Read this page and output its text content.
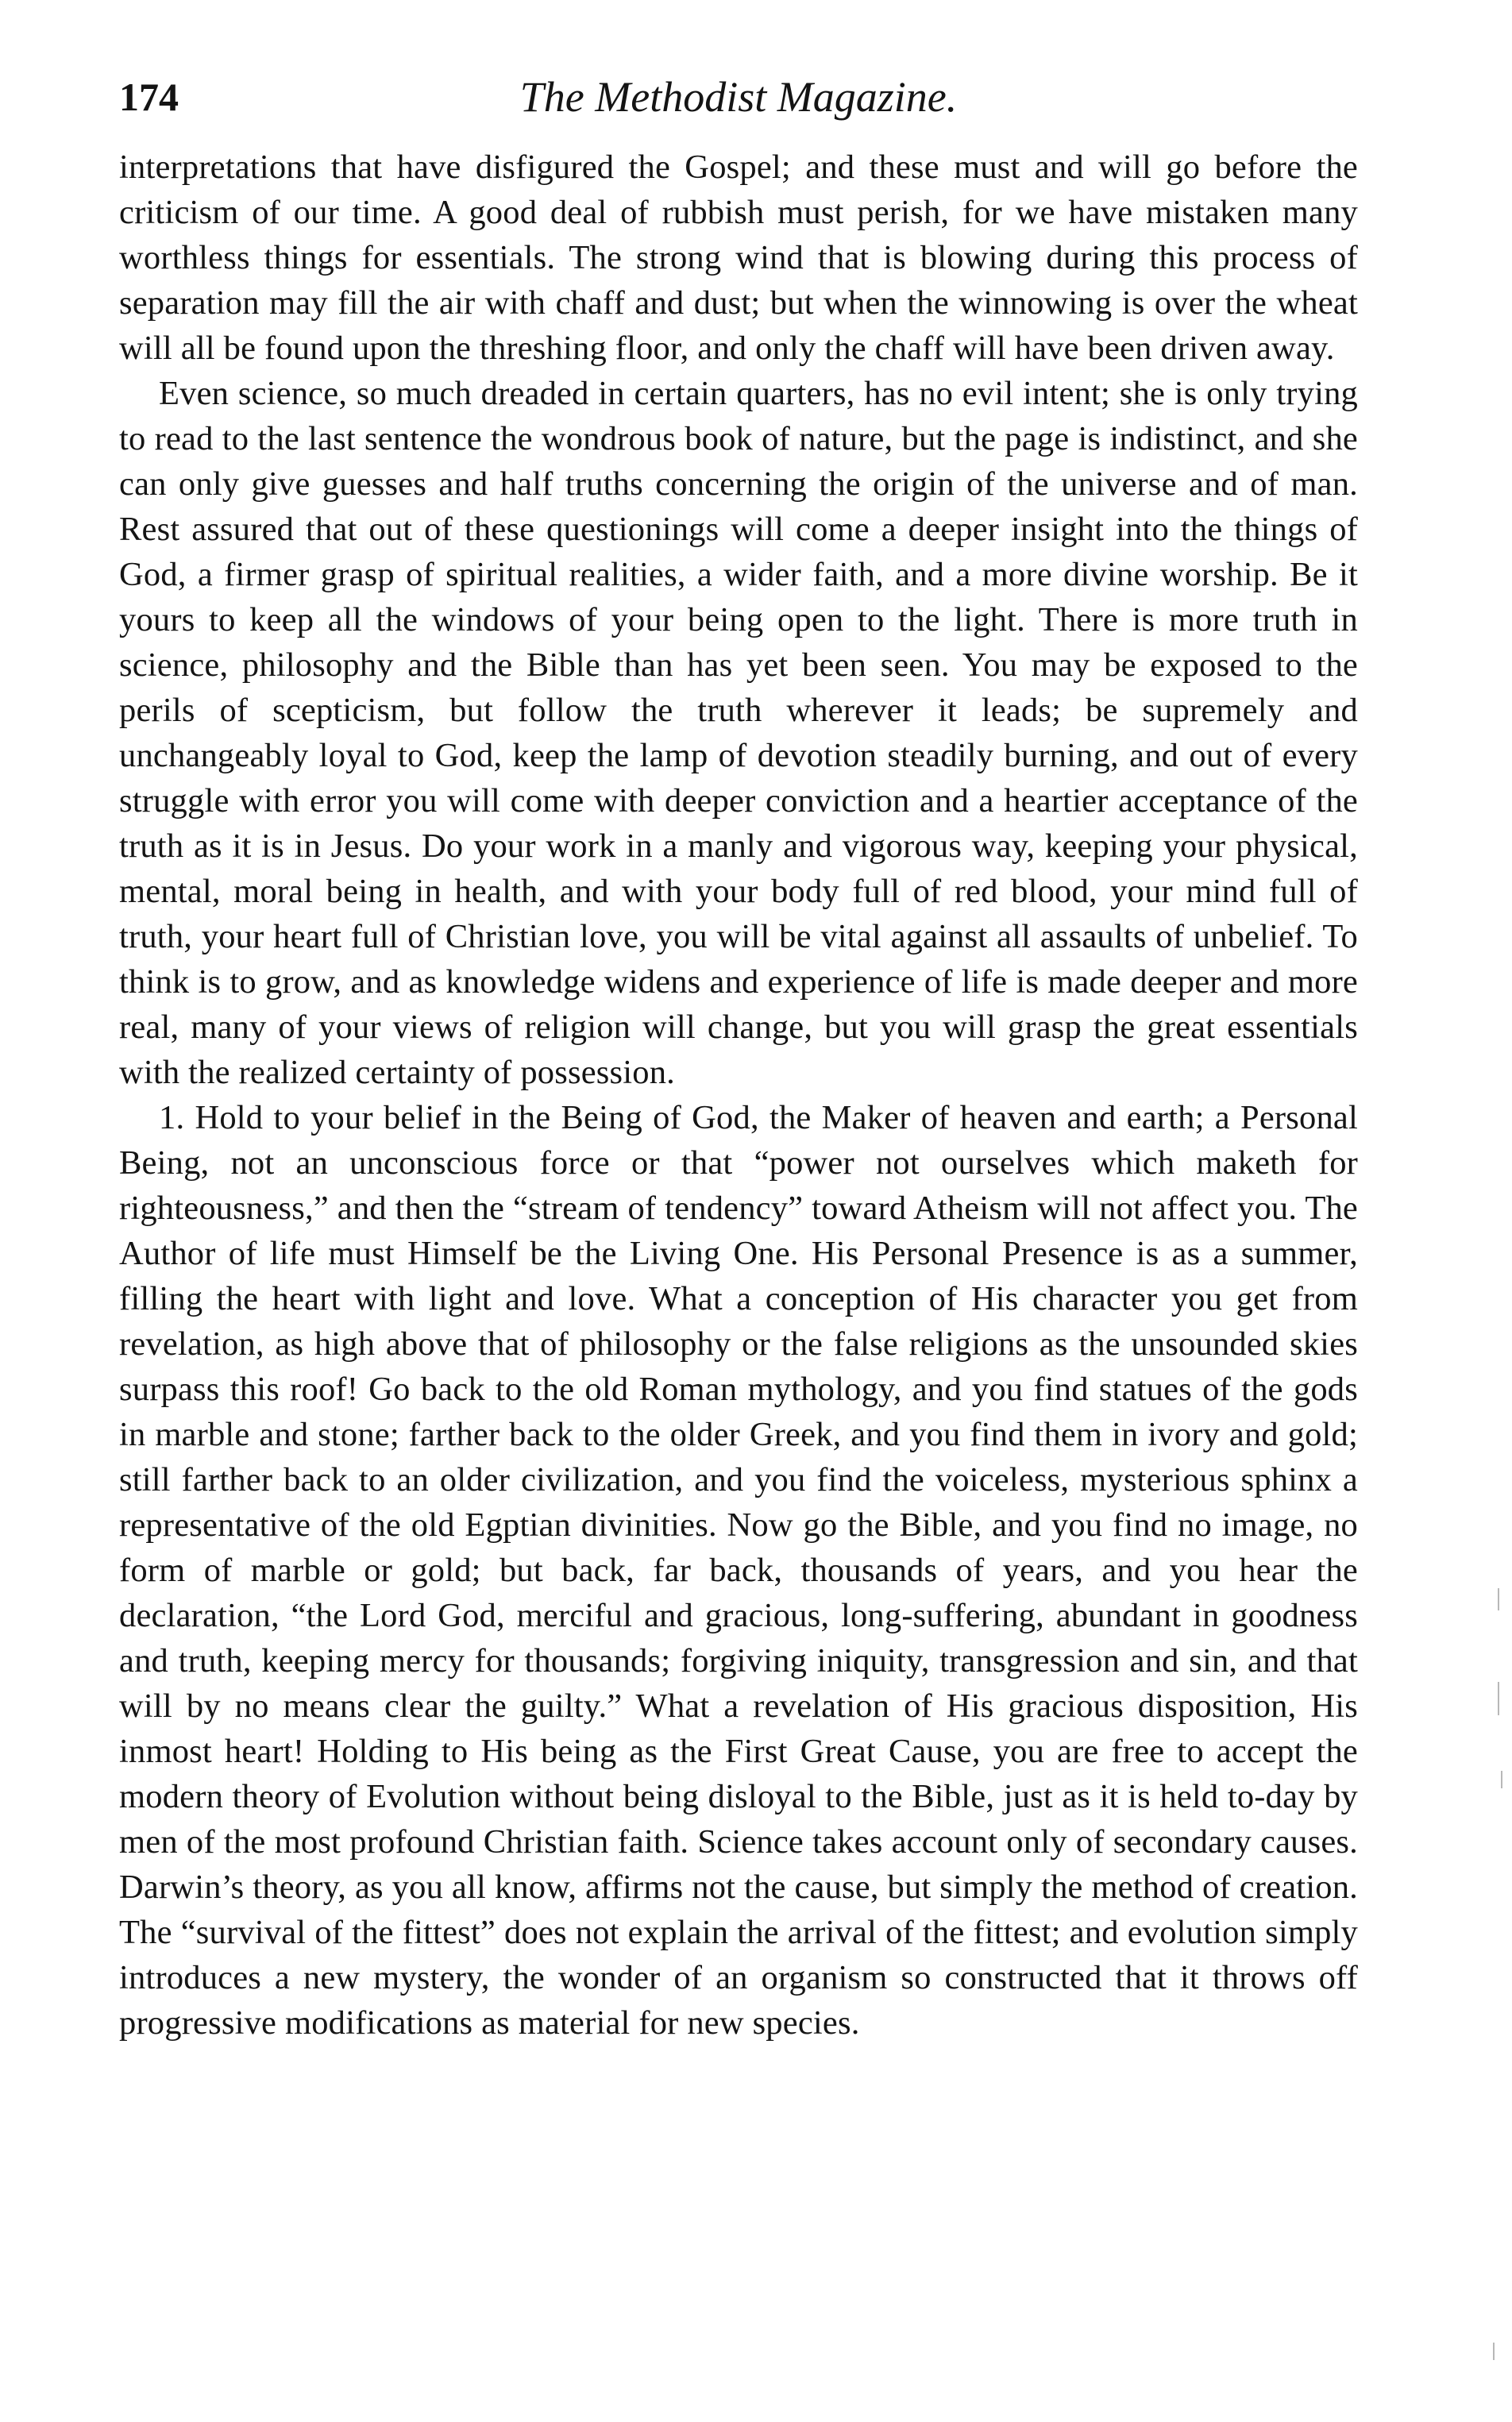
174	The Methodist Magazine.

interpretations that have disfigured the Gospel; and these must and will go before the criticism of our time. A good deal of rubbish must perish, for we have mistaken many worthless things for essentials. The strong wind that is blowing during this process of separation may fill the air with chaff and dust; but when the winnowing is over the wheat will all be found upon the threshing floor, and only the chaff will have been driven away.

Even science, so much dreaded in certain quarters, has no evil intent; she is only trying to read to the last sentence the wondrous book of nature, but the page is indistinct, and she can only give guesses and half truths concerning the origin of the universe and of man. Rest assured that out of these questionings will come a deeper insight into the things of God, a firmer grasp of spiritual realities, a wider faith, and a more divine worship. Be it yours to keep all the windows of your being open to the light. There is more truth in science, philosophy and the Bible than has yet been seen. You may be exposed to the perils of scepticism, but follow the truth wherever it leads; be supremely and unchangeably loyal to God, keep the lamp of devotion steadily burning, and out of every struggle with error you will come with deeper conviction and a heartier acceptance of the truth as it is in Jesus. Do your work in a manly and vigorous way, keeping your physical, mental, moral being in health, and with your body full of red blood, your mind full of truth, your heart full of Christian love, you will be vital against all assaults of unbelief. To think is to grow, and as knowledge widens and experience of life is made deeper and more real, many of your views of religion will change, but you will grasp the great essentials with the realized certainty of possession.

1. Hold to your belief in the Being of God, the Maker of heaven and earth; a Personal Being, not an unconscious force or that “power not ourselves which maketh for righteousness,” and then the “stream of tendency” toward Atheism will not affect you. The Author of life must Himself be the Living One. His Personal Presence is as a summer, filling the heart with light and love. What a conception of His character you get from revelation, as high above that of philosophy or the false religions as the unsounded skies surpass this roof! Go back to the old Roman mythology, and you find statues of the gods in marble and stone; farther back to the older Greek, and you find them in ivory and gold; still farther back to an older civilization, and you find the voiceless, mysterious sphinx a representative of the old Egptian divinities. Now go the Bible, and you find no image, no form of marble or gold; but back, far back, thousands of years, and you hear the declaration, “the Lord God, merciful and gracious, long-suffering, abundant in goodness and truth, keeping mercy for thousands; forgiving iniquity, transgression and sin, and that will by no means clear the guilty.” What a revelation of His gracious disposition, His inmost heart! Holding to His being as the First Great Cause, you are free to accept the modern theory of Evolution without being disloyal to the Bible, just as it is held to-day by men of the most profound Christian faith. Science takes account only of secondary causes. Darwin’s theory, as you all know, affirms not the cause, but simply the method of creation. The “survival of the fittest” does not explain the arrival of the fittest; and evolution simply introduces a new mystery, the wonder of an organism so constructed that it throws off progressive modifications as material for new species.
